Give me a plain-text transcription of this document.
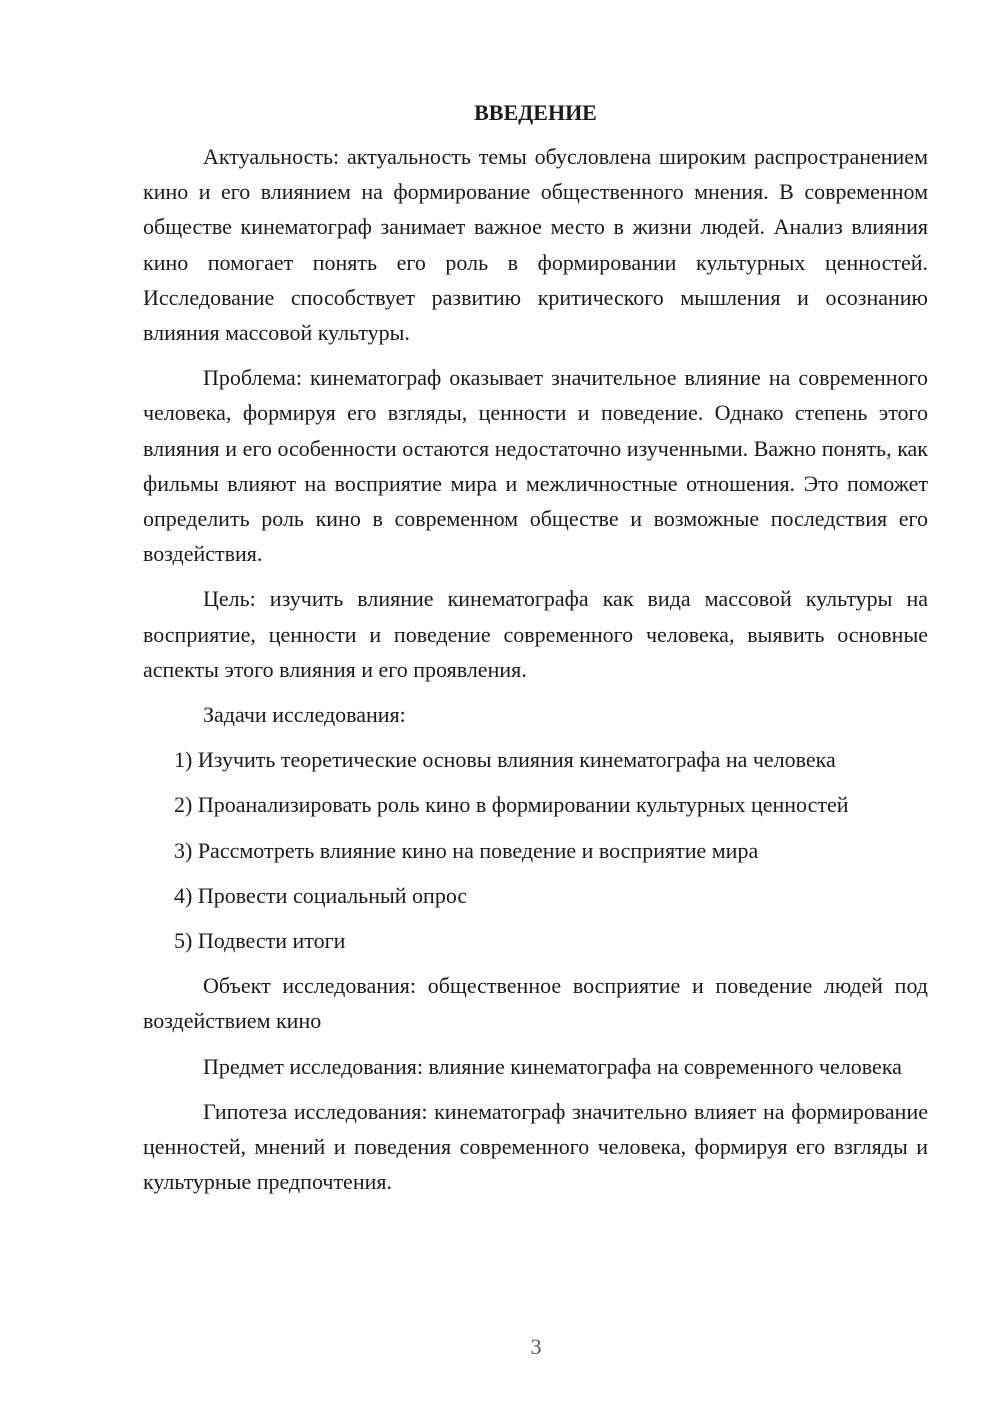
ВВЕДЕНИЕ

Актуальность: актуальность темы обусловлена широким распространением кино и его влиянием на формирование общественного мнения. В современном обществе кинематограф занимает важное место в жизни людей. Анализ влияния кино помогает понять его роль в формировании культурных ценностей. Исследование способствует развитию критического мышления и осознанию влияния массовой культуры.

Проблема: кинематограф оказывает значительное влияние на современного человека, формируя его взгляды, ценности и поведение. Однако степень этого влияния и его особенности остаются недостаточно изученными. Важно понять, как фильмы влияют на восприятие мира и межличностные отношения. Это поможет определить роль кино в современном обществе и возможные последствия его воздействия.

Цель: изучить влияние кинематографа как вида массовой культуры на восприятие, ценности и поведение современного человека, выявить основные аспекты этого влияния и его проявления.

Задачи исследования:

1) Изучить теоретические основы влияния кинематографа на человека

2) Проанализировать роль кино в формировании культурных ценностей

3) Рассмотреть влияние кино на поведение и восприятие мира

4) Провести социальный опрос

5) Подвести итоги

Объект исследования: общественное восприятие и поведение людей под воздействием кино

Предмет исследования: влияние кинематографа на современного человека

Гипотеза исследования: кинематограф значительно влияет на формирование ценностей, мнений и поведения современного человека, формируя его взгляды и культурные предпочтения.

3
